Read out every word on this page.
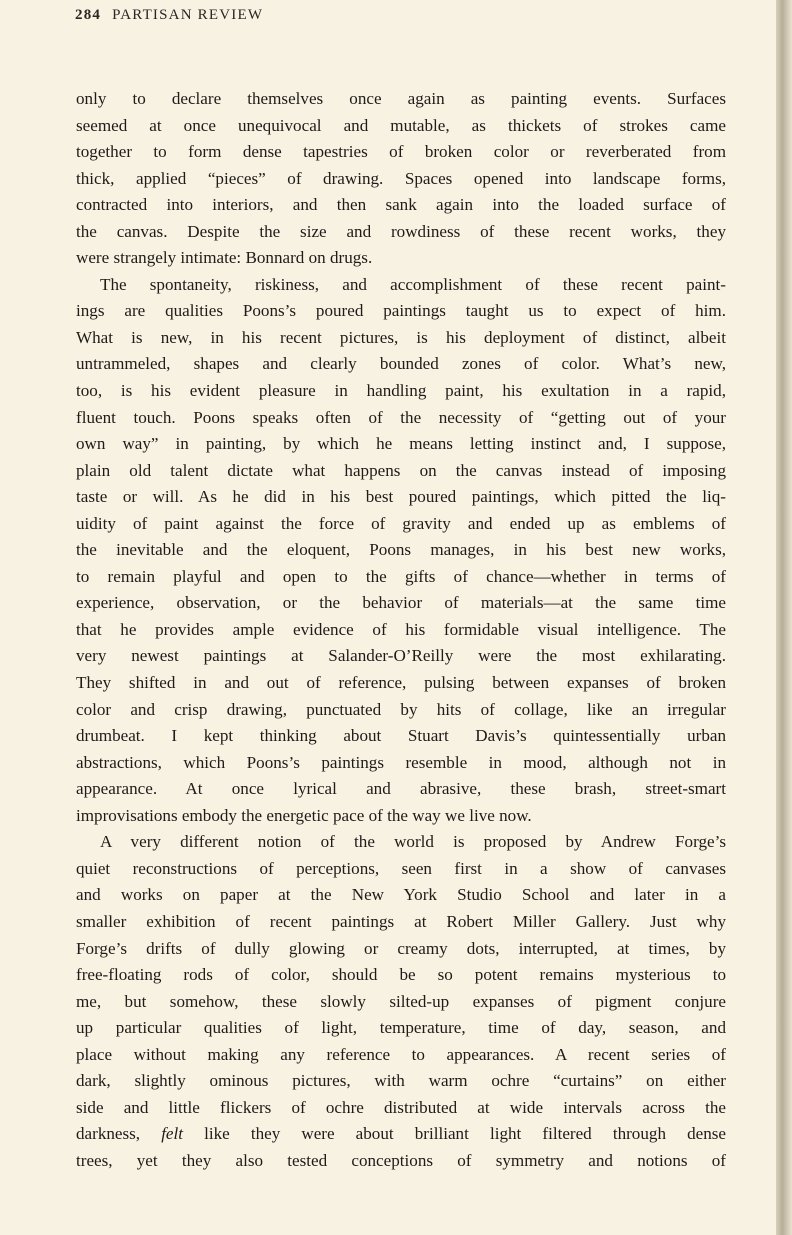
284 PARTISAN REVIEW
only to declare themselves once again as painting events. Surfaces
seemed at once unequivocal and mutable, as thickets of strokes came
together to form dense tapestries of broken color or reverberated from
thick, applied “pieces” of drawing. Spaces opened into landscape forms,
contracted into interiors, and then sank again into the loaded surface of
the canvas. Despite the size and rowdiness of these recent works, they
were strangely intimate: Bonnard on drugs.
The spontaneity, riskiness, and accomplishment of these recent paint-
ings are qualities Poons’s poured paintings taught us to expect of him.
What is new, in his recent pictures, is his deployment of distinct, albeit
untrammeled, shapes and clearly bounded zones of color. What’s new,
too, is his evident pleasure in handling paint, his exultation in a rapid,
fluent touch. Poons speaks often of the necessity of “getting out of your
own way” in painting, by which he means letting instinct and, I suppose,
plain old talent dictate what happens on the canvas instead of imposing
taste or will. As he did in his best poured paintings, which pitted the liq-
uidity of paint against the force of gravity and ended up as emblems of
the inevitable and the eloquent, Poons manages, in his best new works,
to remain playful and open to the gifts of chance—whether in terms of
experience, observation, or the behavior of materials—at the same time
that he provides ample evidence of his formidable visual intelligence. The
very newest paintings at Salander-O’Reilly were the most exhilarating.
They shifted in and out of reference, pulsing between expanses of broken
color and crisp drawing, punctuated by hits of collage, like an irregular
drumbeat. I kept thinking about Stuart Davis’s quintessentially urban
abstractions, which Poons’s paintings resemble in mood, although not in
appearance. At once lyrical and abrasive, these brash, street-smart
improvisations embody the energetic pace of the way we live now.
A very different notion of the world is proposed by Andrew Forge’s
quiet reconstructions of perceptions, seen first in a show of canvases
and works on paper at the New York Studio School and later in a
smaller exhibition of recent paintings at Robert Miller Gallery. Just why
Forge’s drifts of dully glowing or creamy dots, interrupted, at times, by
free-floating rods of color, should be so potent remains mysterious to
me, but somehow, these slowly silted-up expanses of pigment conjure
up particular qualities of light, temperature, time of day, season, and
place without making any reference to appearances. A recent series of
dark, slightly ominous pictures, with warm ochre “curtains” on either
side and little flickers of ochre distributed at wide intervals across the
darkness, felt like they were about brilliant light filtered through dense
trees, yet they also tested conceptions of symmetry and notions of
